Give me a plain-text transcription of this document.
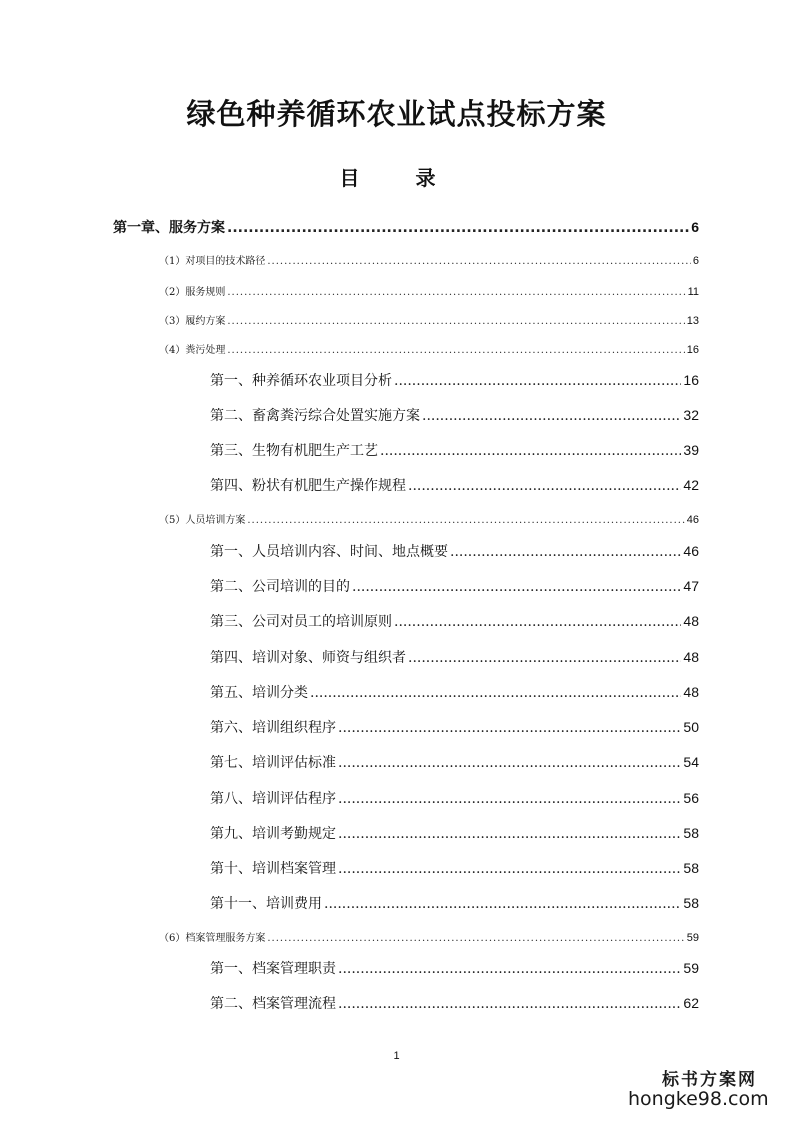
绿色种养循环农业试点投标方案
目　录
第一章、服务方案 .....	6
（1）对项目的技术路径 .....	6
（2）服务规则 .....	11
（3）履约方案 .....	13
（4）粪污处理 .....	16
第一、种养循环农业项目分析 .....	16
第二、畜禽粪污综合处置实施方案 .....	32
第三、生物有机肥生产工艺 .....	39
第四、粉状有机肥生产操作规程 .....	42
（5）人员培训方案 .....	46
第一、人员培训内容、时间、地点概要 .....	46
第二、公司培训的目的 .....	47
第三、公司对员工的培训原则 .....	48
第四、培训对象、师资与组织者 .....	48
第五、培训分类 .....	48
第六、培训组织程序 .....	50
第七、培训评估标准 .....	54
第八、培训评估程序 .....	56
第九、培训考勤规定 .....	58
第十、培训档案管理 .....	58
第十一、培训费用 .....	58
（6）档案管理服务方案 .....	59
第一、档案管理职责 .....	59
第二、档案管理流程 .....	62
1
标书方案网
hongke98.com
